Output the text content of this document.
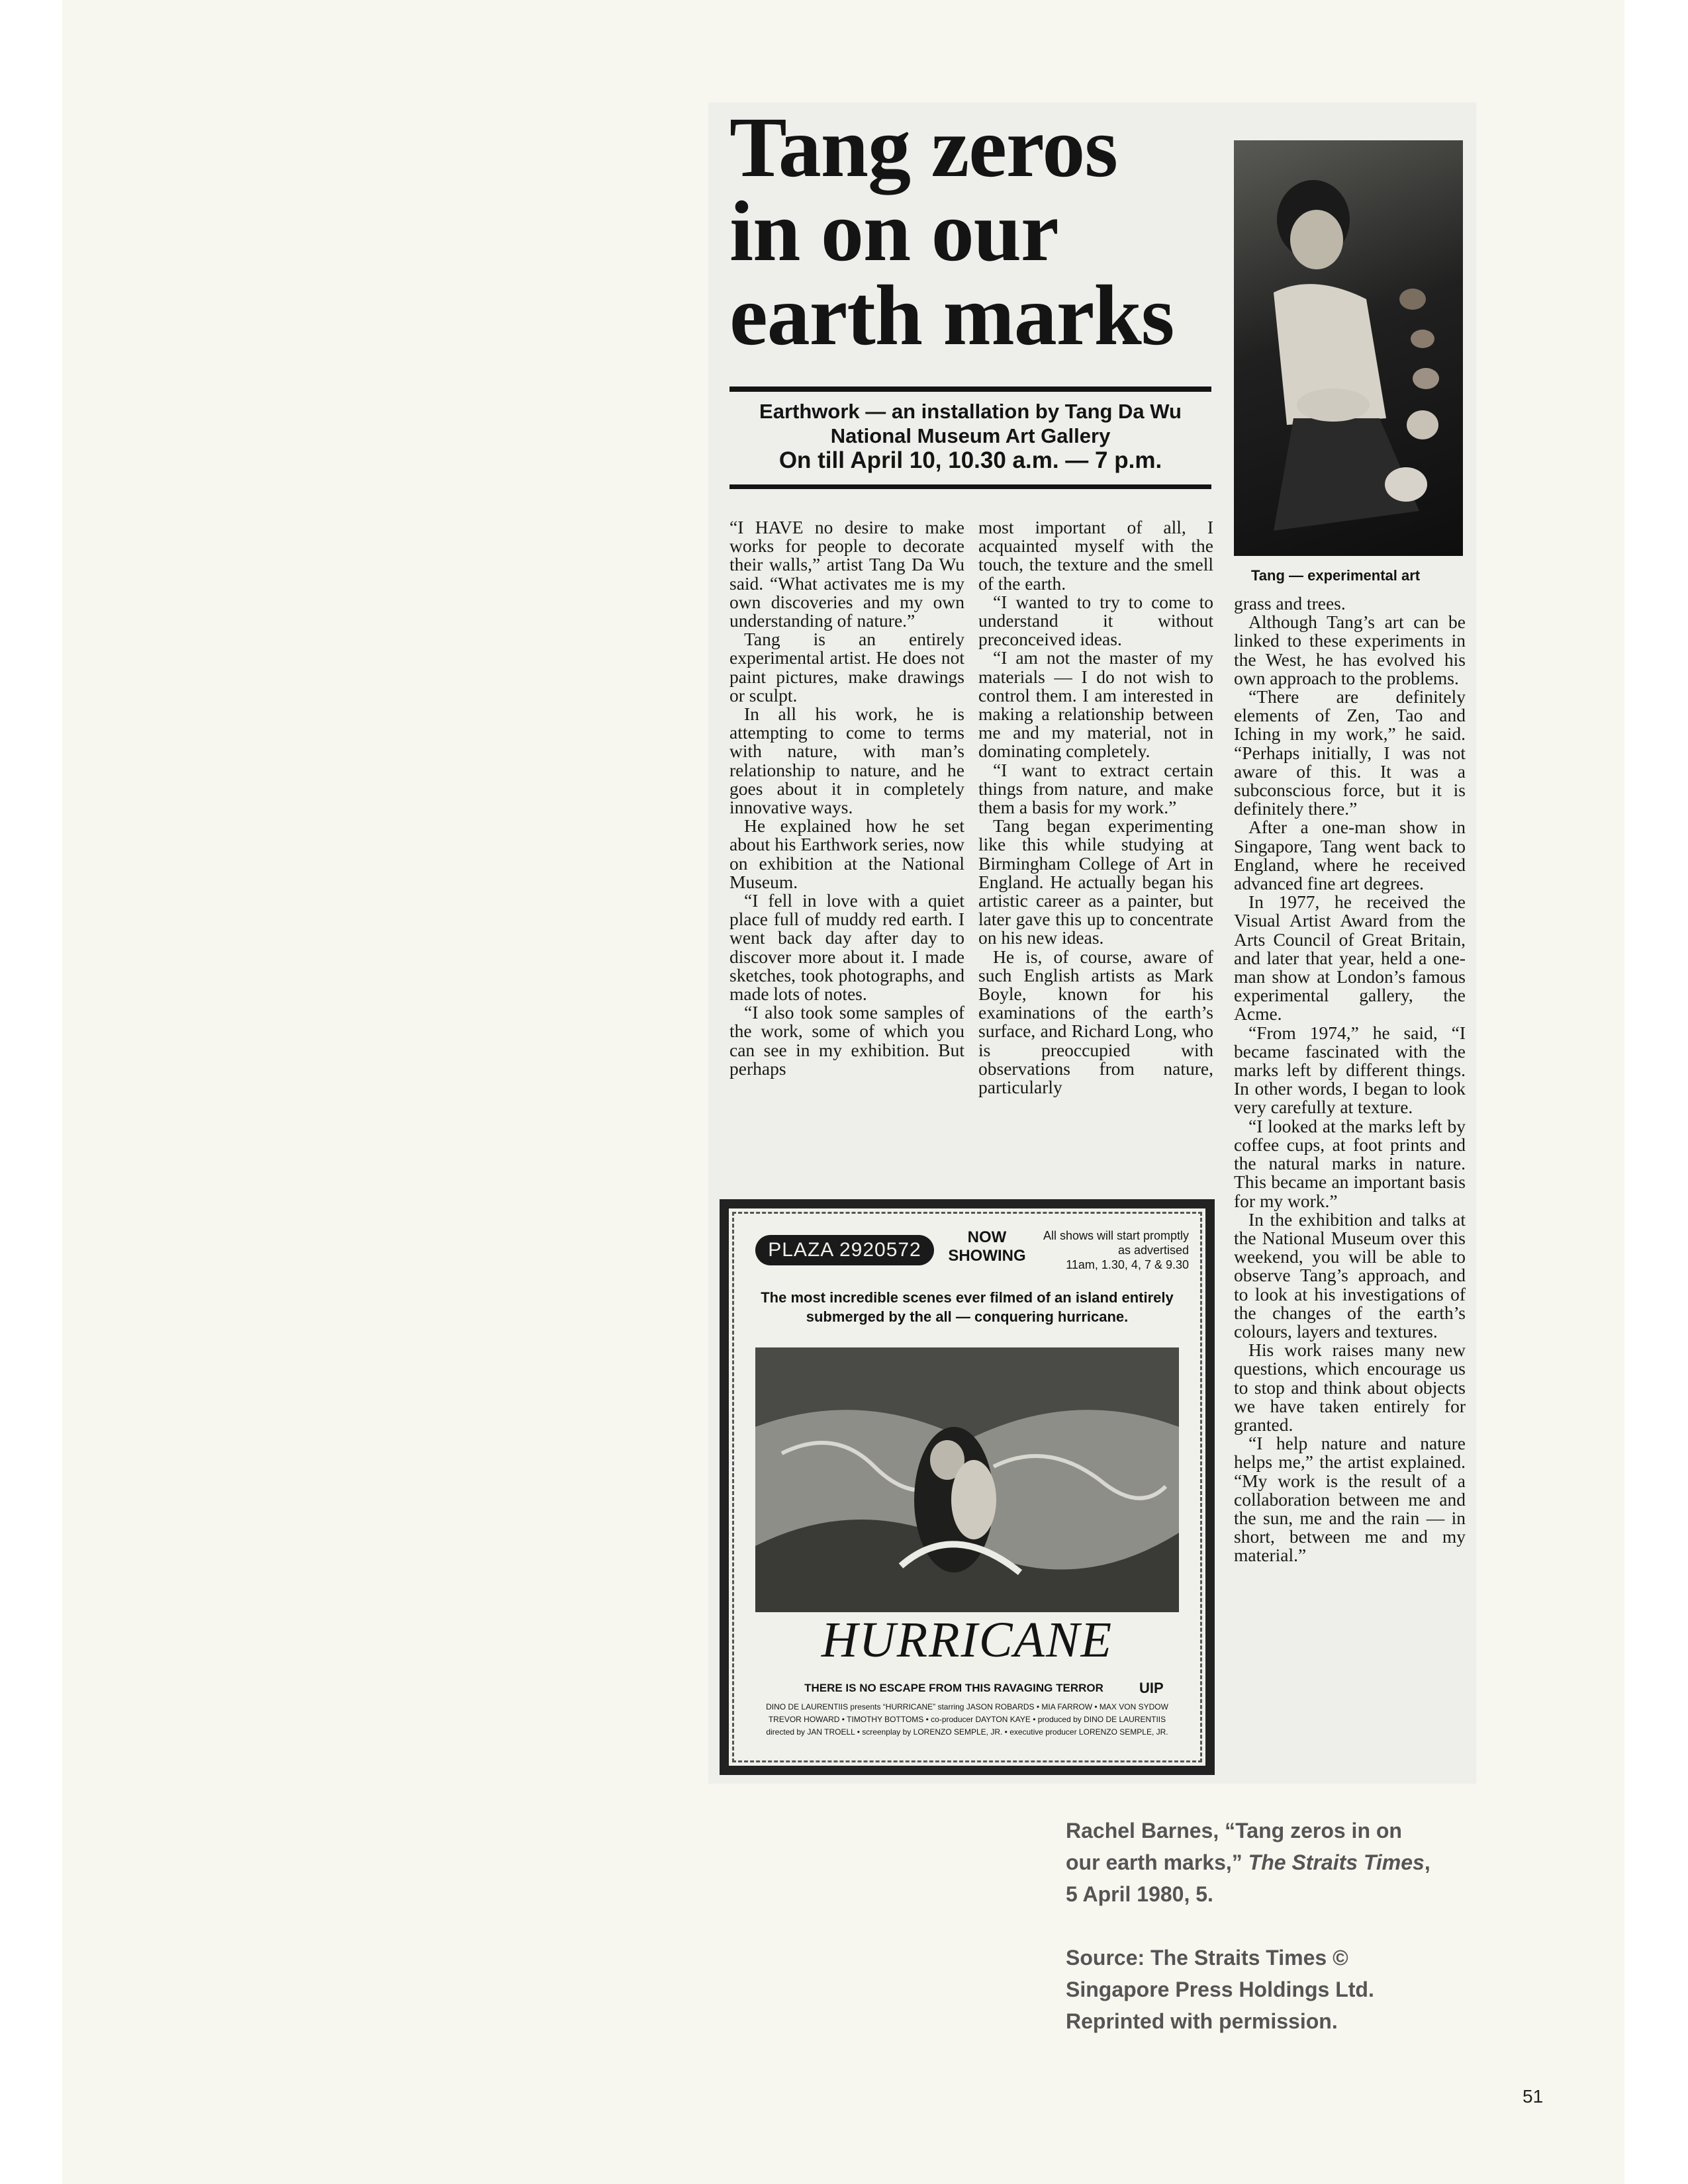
Tang zeros
in on our
earth marks
Earthwork — an installation by Tang Da Wu
National Museum Art Gallery
On till April 10, 10.30 a.m. — 7 p.m.
Tang — experimental art

“I HAVE no desire to make works for people to decorate their walls,” artist Tang Da Wu said. “What activates me is my own discoveries and my own understanding of nature.”

Tang is an entirely experimental artist. He does not paint pictures, make drawings or sculpt.

In all his work, he is attempting to come to terms with nature, with man’s relationship to nature, and he goes about it in completely innovative ways.

He explained how he set about his Earthwork series, now on exhibition at the National Museum.

“I fell in love with a quiet place full of muddy red earth. I went back day after day to discover more about it. I made sketches, took photographs, and made lots of notes.

“I also took some samples of the work, some of which you can see in my exhibition. But perhaps

most important of all, I acquainted myself with the touch, the texture and the smell of the earth.

“I wanted to try to come to understand it without preconceived ideas.

“I am not the master of my materials — I do not wish to control them. I am interested in making a relationship between me and my material, not in dominating completely.

“I want to extract certain things from nature, and make them a basis for my work.”

Tang began experimenting like this while studying at Birmingham College of Art in England. He actually began his artistic career as a painter, but later gave this up to concentrate on his new ideas.

He is, of course, aware of such English artists as Mark Boyle, known for his examinations of the earth’s surface, and Richard Long, who is preoccupied with observations from nature, particularly

grass and trees.

Although Tang’s art can be linked to these experiments in the West, he has evolved his own approach to the problems.

“There are definitely elements of Zen, Tao and Iching in my work,” he said. “Perhaps initially, I was not aware of this. It was a subconscious force, but it is definitely there.”

After a one-man show in Singapore, Tang went back to England, where he received advanced fine art degrees.

In 1977, he received the Visual Artist Award from the Arts Council of Great Britain, and later that year, held a one-man show at London’s famous experimental gallery, the Acme.

“From 1974,” he said, “I became fascinated with the marks left by different things. In other words, I began to look very carefully at texture.

“I looked at the marks left by coffee cups, at foot prints and the natural marks in nature. This became an important basis for my work.”

In the exhibition and talks at the National Museum over this weekend, you will be able to observe Tang’s approach, and to look at his investigations of the changes of the earth’s colours, layers and textures.

His work raises many new questions, which encourage us to stop and think about objects we have taken entirely for granted.

“I help nature and nature helps me,” the artist explained. “My work is the result of a collaboration between me and the sun, me and the rain — in short, between me and my material.”

PLAZA 2920572
NOW SHOWING
All shows will start promptly as advertised
11am, 1.30, 4, 7 & 9.30
The most incredible scenes ever filmed of an island entirely submerged by the all — conquering hurricane.
HURRICANE
THERE IS NO ESCAPE FROM THIS RAVAGING TERROR	UIP
DINO DE LAURENTIIS presents “HURRICANE” starring JASON ROBARDS • MIA FARROW • MAX VON SYDOW
TREVOR HOWARD • TIMOTHY BOTTOMS • co-producer DAYTON KAYE • produced by DINO DE LAURENTIIS
directed by JAN TROELL • screenplay by LORENZO SEMPLE, JR. • executive producer LORENZO SEMPLE, JR.

Rachel Barnes, “Tang zeros in on our earth marks,” The Straits Times, 5 April 1980, 5.

Source: The Straits Times © Singapore Press Holdings Ltd. Reprinted with permission.

51
